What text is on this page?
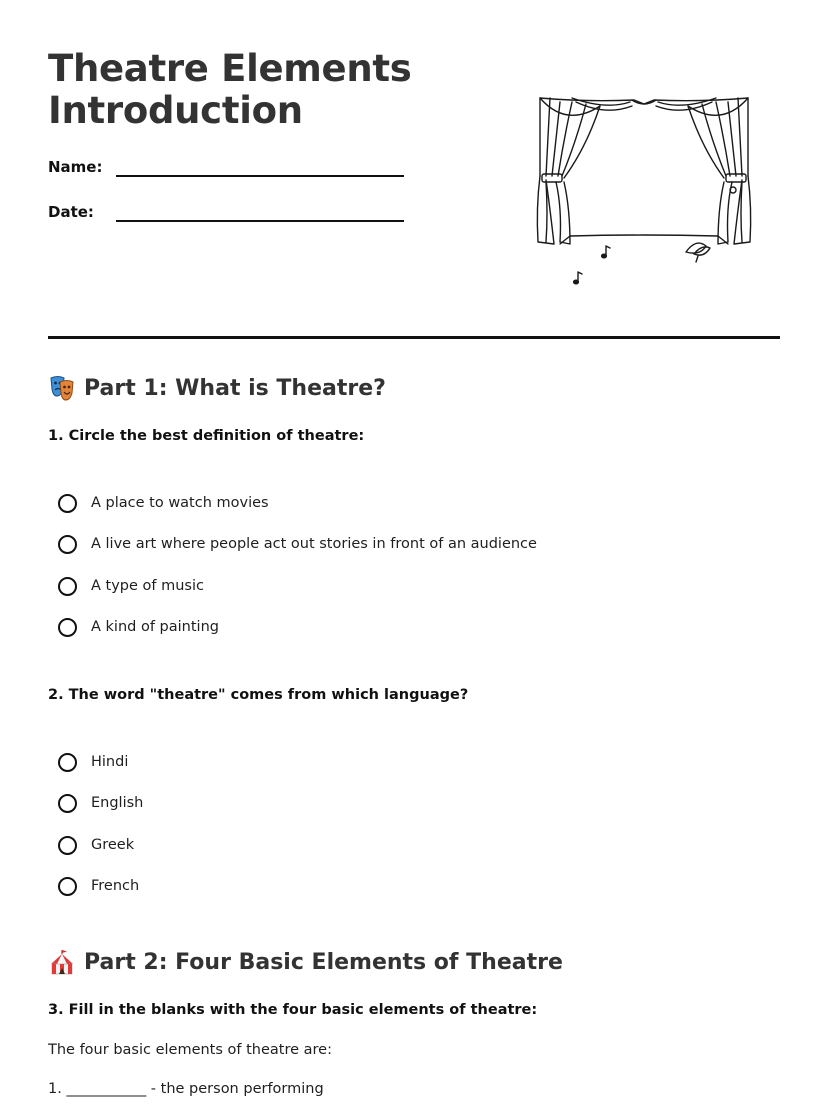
Theatre Elements
Introduction
Name:
Date:
Part 1: What is Theatre?
1. Circle the best definition of theatre:
A place to watch movies
A live art where people act out stories in front of an audience
A type of music
A kind of painting
2. The word "theatre" comes from which language?
Hindi
English
Greek
French
Part 2: Four Basic Elements of Theatre
3. Fill in the blanks with the four basic elements of theatre:
The four basic elements of theatre are:
1. ___________ - the person performing
